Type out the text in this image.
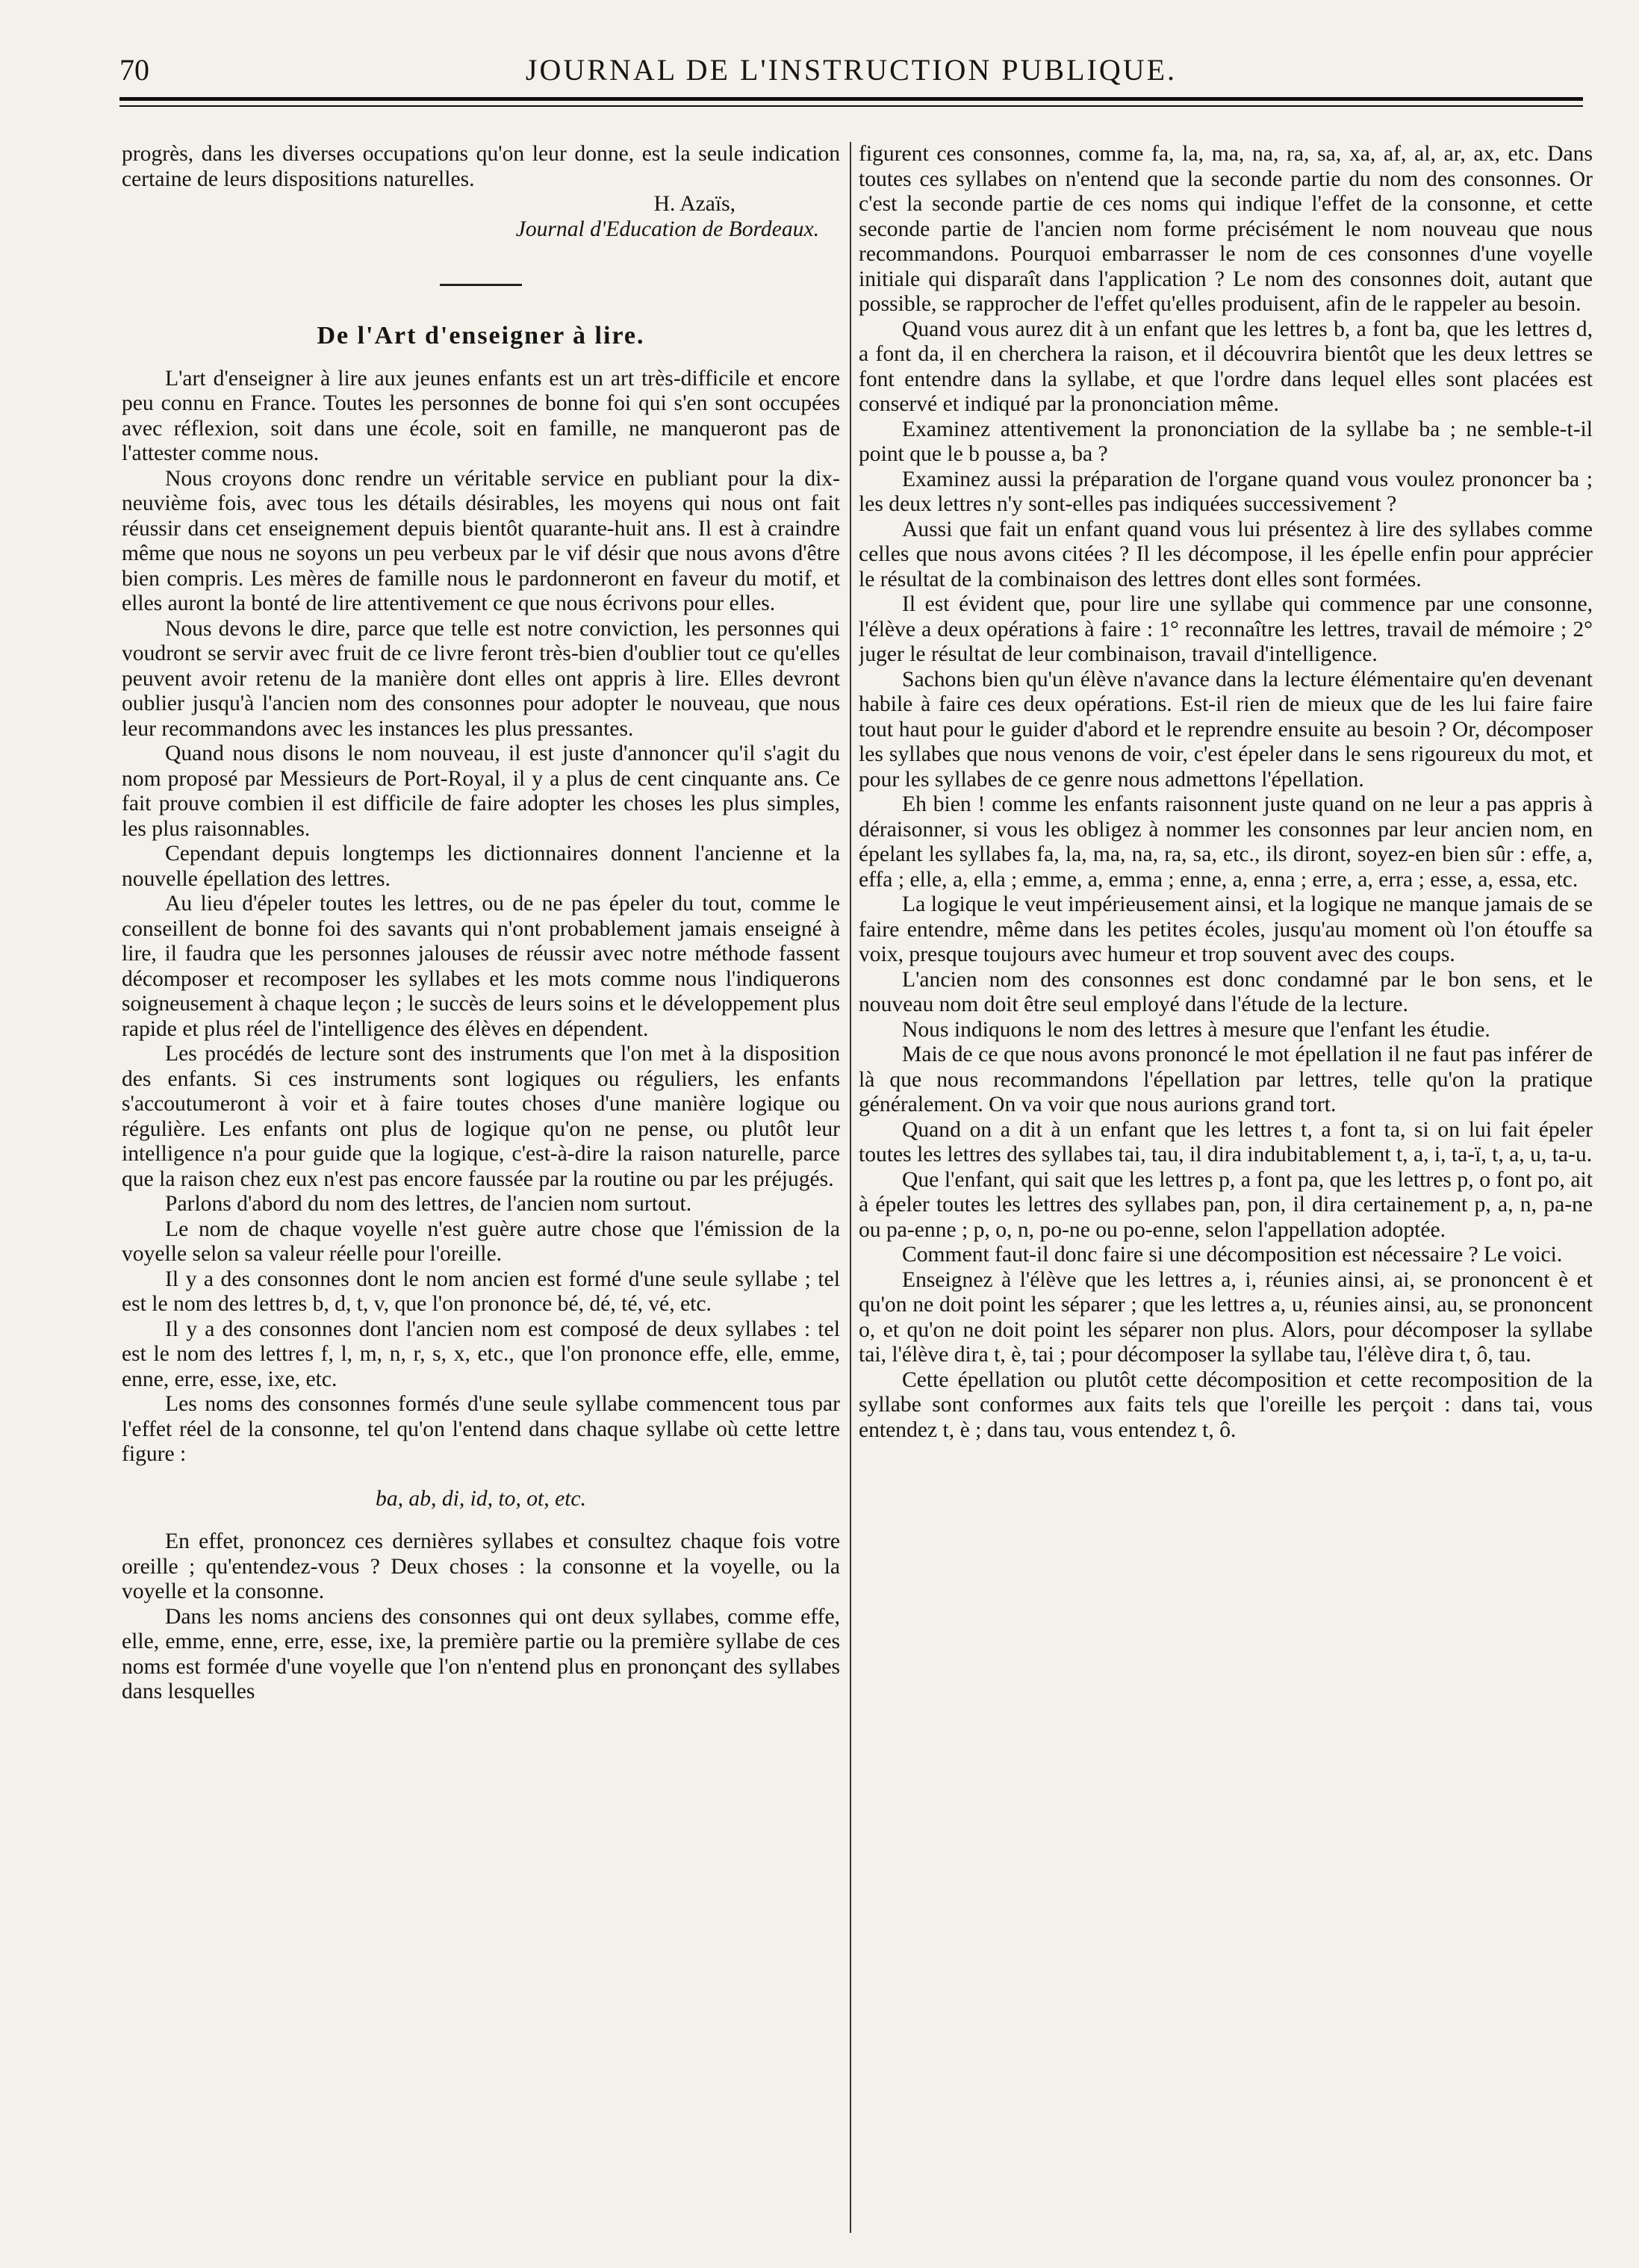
70	JOURNAL DE L'INSTRUCTION PUBLIQUE.

progrès, dans les diverses occupations qu'on leur donne, est la seule indication certaine de leurs dispositions naturelles.

H. Azaïs,

Journal d'Education de Bordeaux.

De l'Art d'enseigner à lire.

L'art d'enseigner à lire aux jeunes enfants est un art très-difficile et encore peu connu en France. Toutes les personnes de bonne foi qui s'en sont occupées avec réflexion, soit dans une école, soit en famille, ne manqueront pas de l'attester comme nous.

Nous croyons donc rendre un véritable service en publiant pour la dix-neuvième fois, avec tous les détails désirables, les moyens qui nous ont fait réussir dans cet enseignement depuis bientôt quarante-huit ans. Il est à craindre même que nous ne soyons un peu verbeux par le vif désir que nous avons d'être bien compris. Les mères de famille nous le pardonneront en faveur du motif, et elles auront la bonté de lire attentivement ce que nous écrivons pour elles.

Nous devons le dire, parce que telle est notre conviction, les personnes qui voudront se servir avec fruit de ce livre feront très-bien d'oublier tout ce qu'elles peuvent avoir retenu de la manière dont elles ont appris à lire. Elles devront oublier jusqu'à l'ancien nom des consonnes pour adopter le nouveau, que nous leur recommandons avec les instances les plus pressantes.

Quand nous disons le nom nouveau, il est juste d'annoncer qu'il s'agit du nom proposé par Messieurs de Port-Royal, il y a plus de cent cinquante ans. Ce fait prouve combien il est difficile de faire adopter les choses les plus simples, les plus raisonnables.

Cependant depuis longtemps les dictionnaires donnent l'ancienne et la nouvelle épellation des lettres.

Au lieu d'épeler toutes les lettres, ou de ne pas épeler du tout, comme le conseillent de bonne foi des savants qui n'ont probablement jamais enseigné à lire, il faudra que les personnes jalouses de réussir avec notre méthode fassent décomposer et recomposer les syllabes et les mots comme nous l'indiquerons soigneusement à chaque leçon ; le succès de leurs soins et le développement plus rapide et plus réel de l'intelligence des élèves en dépendent.

Les procédés de lecture sont des instruments que l'on met à la disposition des enfants. Si ces instruments sont logiques ou réguliers, les enfants s'accoutumeront à voir et à faire toutes choses d'une manière logique ou régulière. Les enfants ont plus de logique qu'on ne pense, ou plutôt leur intelligence n'a pour guide que la logique, c'est-à-dire la raison naturelle, parce que la raison chez eux n'est pas encore faussée par la routine ou par les préjugés.

Parlons d'abord du nom des lettres, de l'ancien nom surtout.

Le nom de chaque voyelle n'est guère autre chose que l'émission de la voyelle selon sa valeur réelle pour l'oreille.

Il y a des consonnes dont le nom ancien est formé d'une seule syllabe ; tel est le nom des lettres b, d, t, v, que l'on prononce bé, dé, té, vé, etc.

Il y a des consonnes dont l'ancien nom est composé de deux syllabes : tel est le nom des lettres f, l, m, n, r, s, x, etc., que l'on prononce effe, elle, emme, enne, erre, esse, ixe, etc.

Les noms des consonnes formés d'une seule syllabe commencent tous par l'effet réel de la consonne, tel qu'on l'entend dans chaque syllabe où cette lettre figure :

ba, ab, di, id, to, ot, etc.

En effet, prononcez ces dernières syllabes et consultez chaque fois votre oreille ; qu'entendez-vous ? Deux choses : la consonne et la voyelle, ou la voyelle et la consonne.

Dans les noms anciens des consonnes qui ont deux syllabes, comme effe, elle, emme, enne, erre, esse, ixe, la première partie ou la première syllabe de ces noms est formée d'une voyelle que l'on n'entend plus en prononçant des syllabes dans lesquelles

figurent ces consonnes, comme fa, la, ma, na, ra, sa, xa, af, al, ar, ax, etc. Dans toutes ces syllabes on n'entend que la seconde partie du nom des consonnes. Or c'est la seconde partie de ces noms qui indique l'effet de la consonne, et cette seconde partie de l'ancien nom forme précisément le nom nouveau que nous recommandons. Pourquoi embarrasser le nom de ces consonnes d'une voyelle initiale qui disparaît dans l'application ? Le nom des consonnes doit, autant que possible, se rapprocher de l'effet qu'elles produisent, afin de le rappeler au besoin.

Quand vous aurez dit à un enfant que les lettres b, a font ba, que les lettres d, a font da, il en cherchera la raison, et il découvrira bientôt que les deux lettres se font entendre dans la syllabe, et que l'ordre dans lequel elles sont placées est conservé et indiqué par la prononciation même.

Examinez attentivement la prononciation de la syllabe ba ; ne semble-t-il point que le b pousse a, ba ?

Examinez aussi la préparation de l'organe quand vous voulez prononcer ba ; les deux lettres n'y sont-elles pas indiquées successivement ?

Aussi que fait un enfant quand vous lui présentez à lire des syllabes comme celles que nous avons citées ? Il les décompose, il les épelle enfin pour apprécier le résultat de la combinaison des lettres dont elles sont formées.

Il est évident que, pour lire une syllabe qui commence par une consonne, l'élève a deux opérations à faire : 1° reconnaître les lettres, travail de mémoire ; 2° juger le résultat de leur combinaison, travail d'intelligence.

Sachons bien qu'un élève n'avance dans la lecture élémentaire qu'en devenant habile à faire ces deux opérations. Est-il rien de mieux que de les lui faire faire tout haut pour le guider d'abord et le reprendre ensuite au besoin ? Or, décomposer les syllabes que nous venons de voir, c'est épeler dans le sens rigoureux du mot, et pour les syllabes de ce genre nous admettons l'épellation.

Eh bien ! comme les enfants raisonnent juste quand on ne leur a pas appris à déraisonner, si vous les obligez à nommer les consonnes par leur ancien nom, en épelant les syllabes fa, la, ma, na, ra, sa, etc., ils diront, soyez-en bien sûr : effe, a, effa ; elle, a, ella ; emme, a, emma ; enne, a, enna ; erre, a, erra ; esse, a, essa, etc.

La logique le veut impérieusement ainsi, et la logique ne manque jamais de se faire entendre, même dans les petites écoles, jusqu'au moment où l'on étouffe sa voix, presque toujours avec humeur et trop souvent avec des coups.

L'ancien nom des consonnes est donc condamné par le bon sens, et le nouveau nom doit être seul employé dans l'étude de la lecture.

Nous indiquons le nom des lettres à mesure que l'enfant les étudie.

Mais de ce que nous avons prononcé le mot épellation il ne faut pas inférer de là que nous recommandons l'épellation par lettres, telle qu'on la pratique généralement. On va voir que nous aurions grand tort.

Quand on a dit à un enfant que les lettres t, a font ta, si on lui fait épeler toutes les lettres des syllabes tai, tau, il dira indubitablement t, a, i, ta-ï, t, a, u, ta-u.

Que l'enfant, qui sait que les lettres p, a font pa, que les lettres p, o font po, ait à épeler toutes les lettres des syllabes pan, pon, il dira certainement p, a, n, pa-ne ou pa-enne ; p, o, n, po-ne ou po-enne, selon l'appellation adoptée.

Comment faut-il donc faire si une décomposition est nécessaire ? Le voici.

Enseignez à l'élève que les lettres a, i, réunies ainsi, ai, se prononcent è et qu'on ne doit point les séparer ; que les lettres a, u, réunies ainsi, au, se prononcent o, et qu'on ne doit point les séparer non plus. Alors, pour décomposer la syllabe tai, l'élève dira t, è, tai ; pour décomposer la syllabe tau, l'élève dira t, ô, tau.

Cette épellation ou plutôt cette décomposition et cette recomposition de la syllabe sont conformes aux faits tels que l'oreille les perçoit : dans tai, vous entendez t, è ; dans tau, vous entendez t, ô.
